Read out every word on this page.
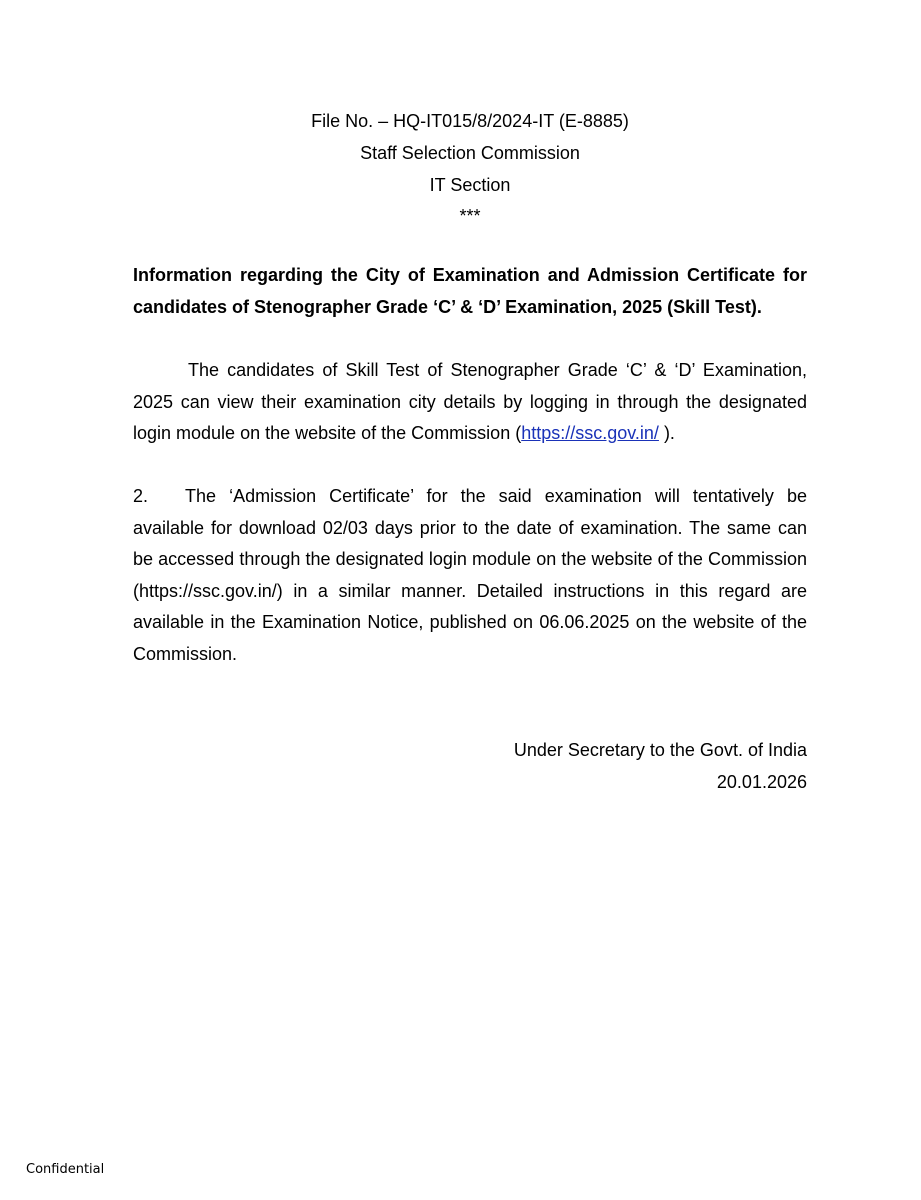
File No. – HQ-IT015/8/2024-IT (E-8885)
Staff Selection Commission
IT Section
***
Information regarding the City of Examination and Admission Certificate for candidates of Stenographer Grade ‘C’ & ‘D’ Examination, 2025 (Skill Test).
The candidates of Skill Test of Stenographer Grade ‘C’ & ‘D’ Examination, 2025 can view their examination city details by logging in through the designated login module on the website of the Commission (https://ssc.gov.in/ ).
2. The ‘Admission Certificate’ for the said examination will tentatively be available for download 02/03 days prior to the date of examination. The same can be accessed through the designated login module on the website of the Commission (https://ssc.gov.in/) in a similar manner. Detailed instructions in this regard are available in the Examination Notice, published on 06.06.2025 on the website of the Commission.
Under Secretary to the Govt. of India
20.01.2026
Confidential
